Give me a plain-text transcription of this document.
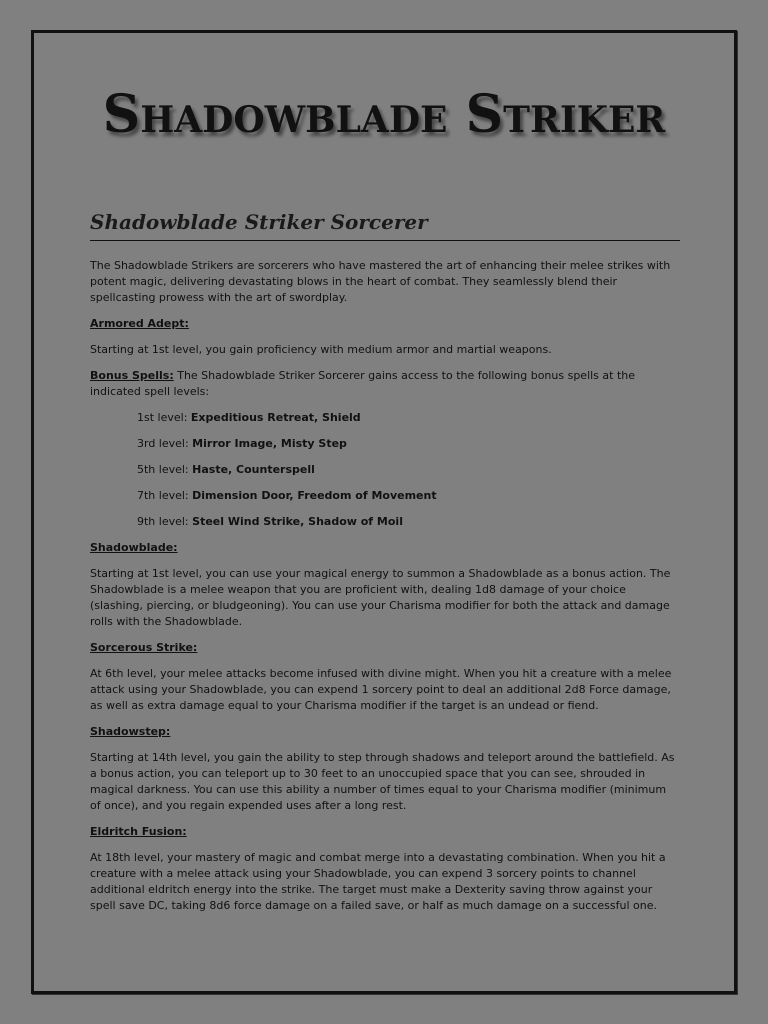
Shadowblade Striker
Shadowblade Striker Sorcerer

The Shadowblade Strikers are sorcerers who have mastered the art of enhancing their melee strikes with potent magic, delivering devastating blows in the heart of combat. They seamlessly blend their spellcasting prowess with the art of swordplay.

Armored Adept:

Starting at 1st level, you gain proficiency with medium armor and martial weapons.

Bonus Spells: The Shadowblade Striker Sorcerer gains access to the following bonus spells at the indicated spell levels:

1st level: Expeditious Retreat, Shield

3rd level: Mirror Image, Misty Step

5th level: Haste, Counterspell

7th level: Dimension Door, Freedom of Movement

9th level: Steel Wind Strike, Shadow of Moil

Shadowblade:

Starting at 1st level, you can use your magical energy to summon a Shadowblade as a bonus action. The Shadowblade is a melee weapon that you are proficient with, dealing 1d8 damage of your choice (slashing, piercing, or bludgeoning). You can use your Charisma modifier for both the attack and damage rolls with the Shadowblade.

Sorcerous Strike:

At 6th level, your melee attacks become infused with divine might. When you hit a creature with a melee attack using your Shadowblade, you can expend 1 sorcery point to deal an additional 2d8 Force damage, as well as extra damage equal to your Charisma modifier if the target is an undead or fiend.

Shadowstep:

Starting at 14th level, you gain the ability to step through shadows and teleport around the battlefield. As a bonus action, you can teleport up to 30 feet to an unoccupied space that you can see, shrouded in magical darkness. You can use this ability a number of times equal to your Charisma modifier (minimum of once), and you regain expended uses after a long rest.

Eldritch Fusion:

At 18th level, your mastery of magic and combat merge into a devastating combination. When you hit a creature with a melee attack using your Shadowblade, you can expend 3 sorcery points to channel additional eldritch energy into the strike. The target must make a Dexterity saving throw against your spell save DC, taking 8d6 force damage on a failed save, or half as much damage on a successful one.
